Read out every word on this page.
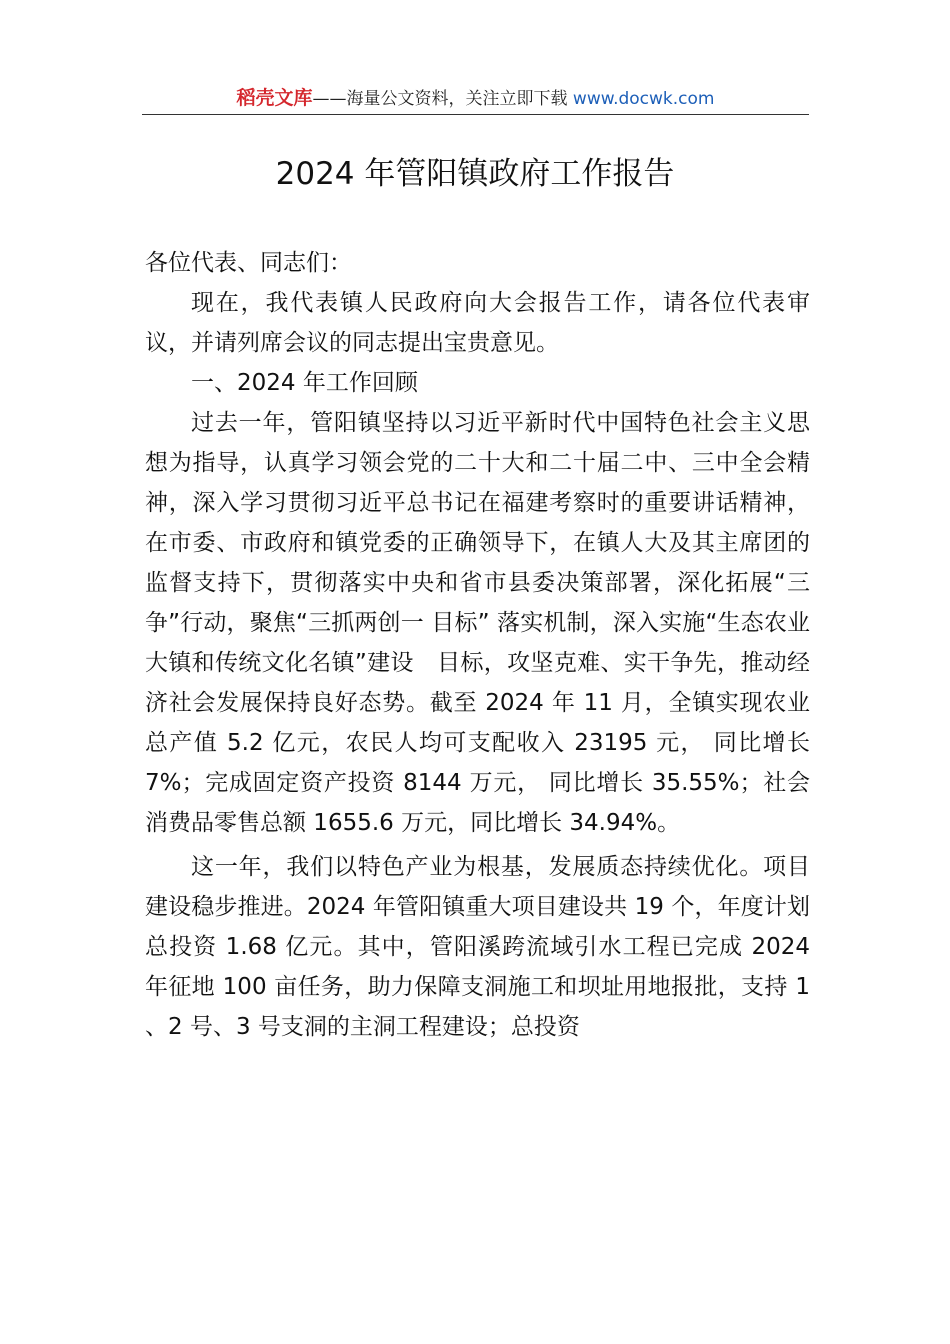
稻壳文库——海量公文资料，关注立即下载 www.docwk.com
2024 年管阳镇政府工作报告

各位代表、同志们：

现在，我代表镇人民政府向大会报告工作，请各位代表审议，并请列席会议的同志提出宝贵意见。

一、2024 年工作回顾

过去一年，管阳镇坚持以习近平新时代中国特色社会主义思想为指导，认真学习领会党的二十大和二十届二中、三中全会精神，深入学习贯彻习近平总书记在福建考察时的重要讲话精神，在市委、市政府和镇党委的正确领导下，在镇人大及其主席团的监督支持下，贯彻落实中央和省市县委决策部署，深化拓展“三争”行动，聚焦“三抓两创一 目标” 落实机制，深入实施“生态农业大镇和传统文化名镇”建设　目标，攻坚克难、实干争先，推动经济社会发展保持良好态势。截至 2024 年 11 月，全镇实现农业总产值 5.2 亿元，农民人均可支配收入 23195 元， 同比增长 7%；完成固定资产投资 8144 万元， 同比增长 35.55%；社会消费品零售总额 1655.6 万元，同比增长 34.94%。

这一年，我们以特色产业为根基，发展质态持续优化。项目建设稳步推进。2024 年管阳镇重大项目建设共 19 个，年度计划总投资 1.68 亿元。其中，管阳溪跨流域引水工程已完成 2024 年征地 100 亩任务，助力保障支洞施工和坝址用地报批，支持 1 、2 号、3 号支洞的主洞工程建设；总投资
